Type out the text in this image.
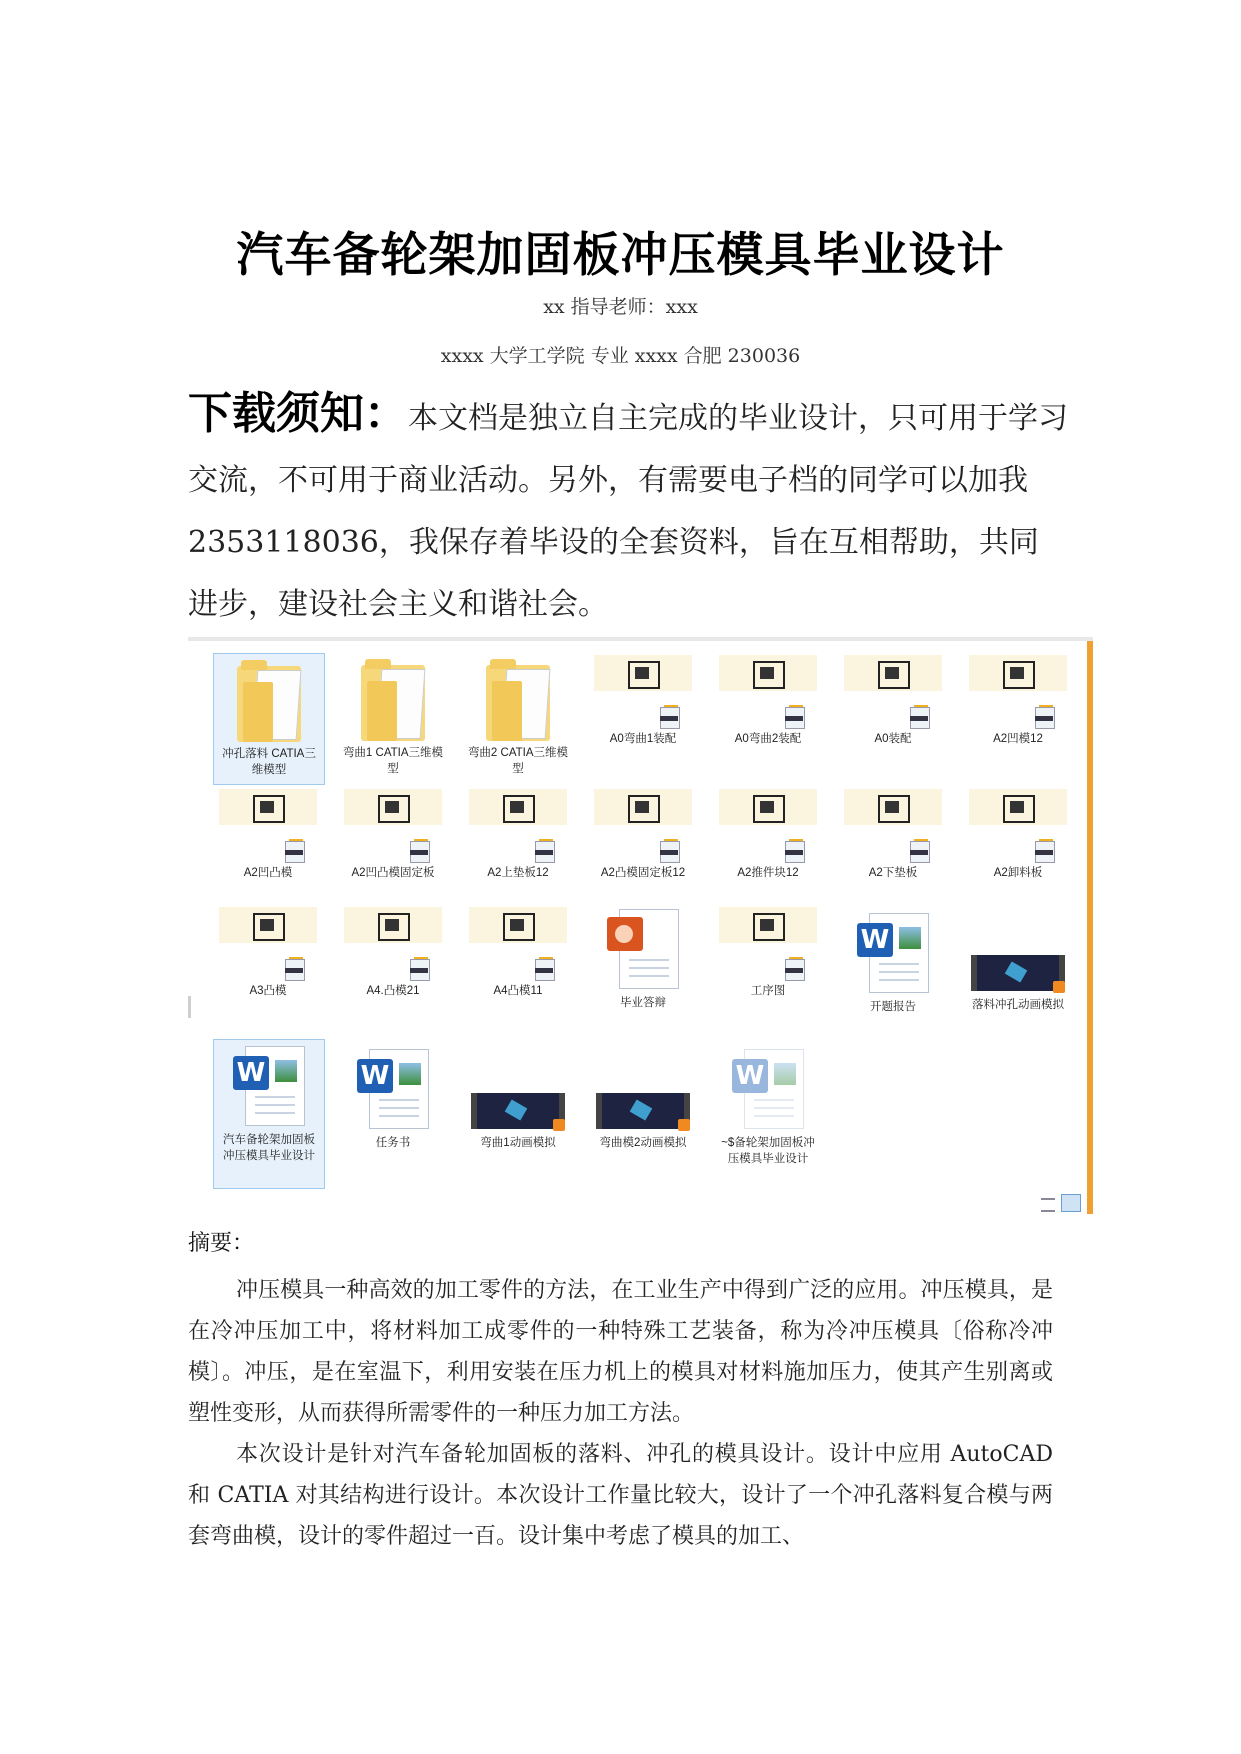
汽车备轮架加固板冲压模具毕业设计
xx 指导老师：xxx
xxxx 大学工学院 专业 xxxx 合肥 230036
下载须知：本文档是独立自主完成的毕业设计，只可用于学习交流，不可用于商业活动。另外，有需要电子档的同学可以加我 2353118036，我保存着毕设的全套资料，旨在互相帮助，共同进步，建设社会主义和谐社会。
冲孔落料 CATIA三维模型
弯曲1 CATIA三维模型
弯曲2 CATIA三维模型
A0弯曲1装配	A0弯曲2装配	A0装配	A2凹模12
A2凹凸模	A2凹凸模固定板	A2上垫板12	A2凸模固定板12	A2推件块12	A2下垫板	A2卸料板
A3凸模	A4.凸模21	A4凸模11
毕业答辩
工序图
W
开题报告	落料冲孔动画模拟
W
汽车备轮架加固板冲压模具毕业设计
W
任务书	弯曲1动画模拟	弯曲模2动画模拟
W
~$备轮架加固板冲压模具毕业设计
摘要：

冲压模具一种高效的加工零件的方法，在工业生产中得到广泛的应用。冲压模具，是在冷冲压加工中，将材料加工成零件的一种特殊工艺装备，称为冷冲压模具〔俗称冷冲模〕。冲压，是在室温下，利用安装在压力机上的模具对材料施加压力，使其产生别离或塑性变形，从而获得所需零件的一种压力加工方法。

本次设计是针对汽车备轮加固板的落料、冲孔的模具设计。设计中应用 AutoCAD 和 CATIA 对其结构进行设计。本次设计工作量比较大，设计了一个冲孔落料复合模与两套弯曲模，设计的零件超过一百。设计集中考虑了模具的加工、
